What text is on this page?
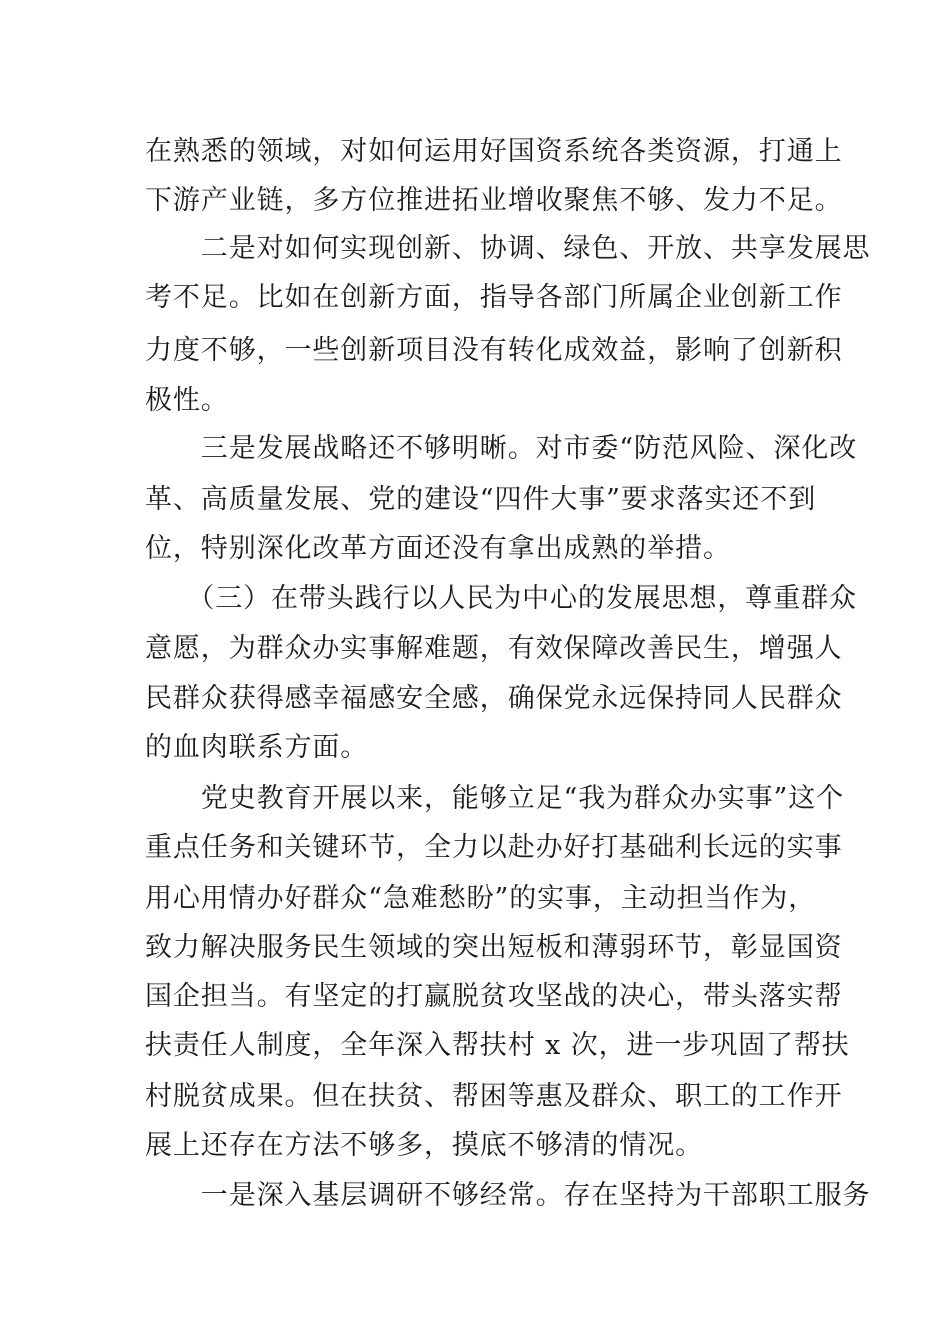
在熟悉的领域，对如何运用好国资系统各类资源，打通上
下游产业链，多方位推进拓业增收聚焦不够、发力不足。
　　二是对如何实现创新、协调、绿色、开放、共享发展思
考不足。比如在创新方面，指导各部门所属企业创新工作
力度不够，一些创新项目没有转化成效益，影响了创新积
极性。
　　三是发展战略还不够明晰。对市委“防范风险、深化改
革、高质量发展、党的建设“四件大事”要求落实还不到
位，特别深化改革方面还没有拿出成熟的举措。
　　（三）在带头践行以人民为中心的发展思想，尊重群众
意愿，为群众办实事解难题，有效保障改善民生，增强人
民群众获得感幸福感安全感，确保党永远保持同人民群众
的血肉联系方面。
　　党史教育开展以来，能够立足“我为群众办实事”这个
重点任务和关键环节，全力以赴办好打基础利长远的实事
用心用情办好群众“急难愁盼”的实事，主动担当作为，
致力解决服务民生领域的突出短板和薄弱环节，彰显国资
国企担当。有坚定的打赢脱贫攻坚战的决心，带头落实帮
扶责任人制度，全年深入帮扶村 x 次，进一步巩固了帮扶
村脱贫成果。但在扶贫、帮困等惠及群众、职工的工作开
展上还存在方法不够多，摸底不够清的情况。
　　一是深入基层调研不够经常。存在坚持为干部职工服务
